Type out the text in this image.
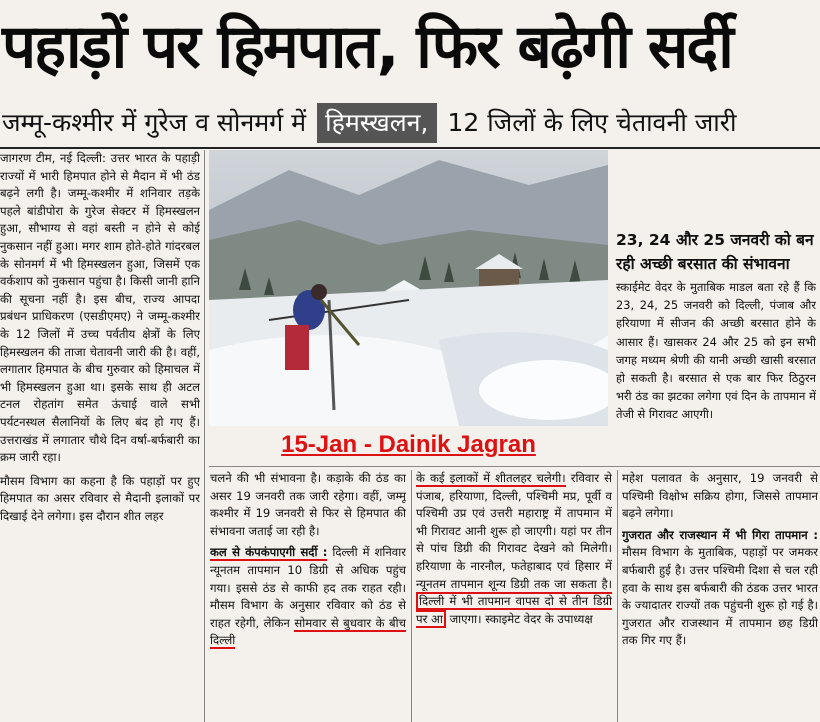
पहाड़ों पर हिमपात, फिर बढ़ेगी सर्दी
जम्मू-कश्मीर में गुरेज व सोनमर्ग में हिमस्खलन, 12 जिलों के लिए चेतावनी जारी

जागरण टीम, नई दिल्ली: उत्तर भारत के पहाड़ी राज्यों में भारी हिमपात होने से मैदान में भी ठंड बढ़ने लगी है। जम्मू-कश्मीर में शनिवार तड़के पहले बांडीपोरा के गुरेज सेक्टर में हिमस्खलन हुआ, सौभाग्य से वहां बस्ती न होने से कोई नुकसान नहीं हुआ। मगर शाम होते-होते गांदरबल के सोनमर्ग में भी हिमस्खलन हुआ, जिसमें एक वर्कशाप को नुकसान पहुंचा है। किसी जानी हानि की सूचना नहीं है। इस बीच, राज्य आपदा प्रबंधन प्राधिकरण (एसडीएमए) ने जम्मू-कश्मीर के 12 जिलों में उच्च पर्वतीय क्षेत्रों के लिए हिमस्खलन की ताजा चेतावनी जारी की है। वहीं, लगातार हिमपात के बीच गुरुवार को हिमाचल में भी हिमस्खलन हुआ था। इसके साथ ही अटल टनल रोहतांग समेत ऊंचाई वाले सभी पर्यटनस्थल सैलानियों के लिए बंद हो गए हैं। उत्तराखंड में लगातार चौथे दिन वर्षा-बर्फबारी का क्रम जारी रहा।

मौसम विभाग का कहना है कि पहाड़ों पर हुए हिमपात का असर रविवार से मैदानी इलाकों पर दिखाई देने लगेगा। इस दौरान शीत लहर

15-Jan - Dainik Jagran
23, 24 और 25 जनवरी को बन रही अच्छी बरसात की संभावना
स्काईमेट वेदर के मुताबिक माडल बता रहे हैं कि 23, 24, 25 जनवरी को दिल्ली, पंजाब और हरियाणा में सीजन की अच्छी बरसात होने के आसार हैं। खासकर 24 और 25 को इन सभी जगह मध्यम श्रेणी की यानी अच्छी खासी बरसात हो सकती है। बरसात से एक बार फिर ठिठुरन भरी ठंड का झटका लगेगा एवं दिन के तापमान में तेजी से गिरावट आएगी।

चलने की भी संभावना है। कड़ाके की ठंड का असर 19 जनवरी तक जारी रहेगा। वहीं, जम्मू कश्मीर में 19 जनवरी से फिर से हिमपात की संभावना जताई जा रही है।

कल से कंपकंपाएगी सर्दी : दिल्ली में शनिवार न्यूनतम तापमान 10 डिग्री से अधिक पहुंच गया। इससे ठंड से काफी हद तक राहत रही। मौसम विभाग के अनुसार रविवार को ठंड से राहत रहेगी, लेकिन सोमवार से बुधवार के बीच दिल्ली

के कई इलाकों में शीतलहर चलेगी। रविवार से पंजाब, हरियाणा, दिल्ली, पश्चिमी मप्र, पूर्वी व पश्चिमी उप्र एवं उत्तरी महाराष्ट्र में तापमान में भी गिरावट आनी शुरू हो जाएगी। यहां पर तीन से पांच डिग्री की गिरावट देखने को मिलेगी। हरियाणा के नारनौल, फतेहाबाद एवं हिसार में न्यूनतम तापमान शून्य डिग्री तक जा सकता है। दिल्ली में भी तापमान वापस दो से तीन डिग्री पर आ जाएगा। स्काइमेट वेदर के उपाध्यक्ष

महेश पलावत के अनुसार, 19 जनवरी से पश्चिमी विक्षोभ सक्रिय होगा, जिससे तापमान बढ़ने लगेगा।

गुजरात और राजस्थान में भी गिरा तापमान : मौसम विभाग के मुताबिक, पहाड़ों पर जमकर बर्फबारी हुई है। उत्तर पश्चिमी दिशा से चल रही हवा के साथ इस बर्फबारी की ठंडक उत्तर भारत के ज्यादातर राज्यों तक पहुंचनी शुरू हो गई है। गुजरात और राजस्थान में तापमान छह डिग्री तक गिर गए हैं।
